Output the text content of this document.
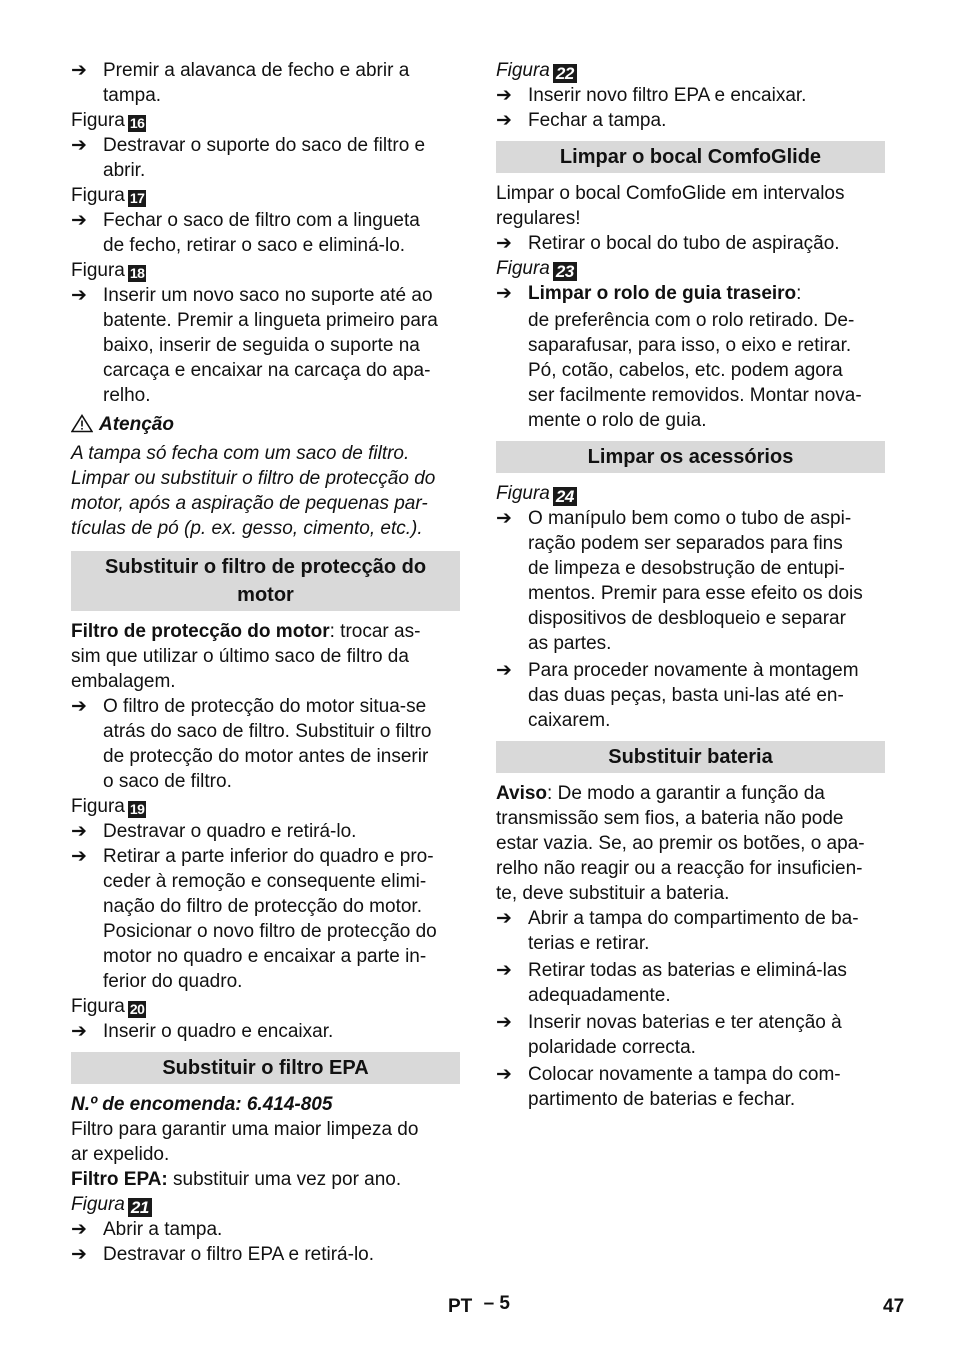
➔ Premir a alavanca de fecho e abrir a
tampa.
Figura 16
➔ Destravar o suporte do saco de filtro e
abrir.
Figura 17
➔ Fechar o saco de filtro com a lingueta
de fecho, retirar o saco e eliminá-lo.
Figura 18
➔ Inserir um novo saco no suporte até ao
batente. Premir a lingueta primeiro para
baixo, inserir de seguida o suporte na
carcaça e encaixar na carcaça do apa-
relho.
Atenção
A tampa só fecha com um saco de filtro.
Limpar ou substituir o filtro de protecção do
motor, após a aspiração de pequenas par-
tículas de pó (p. ex. gesso, cimento, etc.).
Substituir o filtro de protecção do
motor
Filtro de protecção do motor: trocar as-
sim que utilizar o último saco de filtro da
embalagem.
➔ O filtro de protecção do motor situa-se
atrás do saco de filtro. Substituir o filtro
de protecção do motor antes de inserir
o saco de filtro.
Figura 19
➔ Destravar o quadro e retirá-lo.
➔ Retirar a parte inferior do quadro e pro-
ceder à remoção e consequente elimi-
nação do filtro de protecção do motor.
Posicionar o novo filtro de protecção do
motor no quadro e encaixar a parte in-
ferior do quadro.
Figura 20
➔ Inserir o quadro e encaixar.
Substituir o filtro EPA
N.º de encomenda: 6.414-805
Filtro para garantir uma maior limpeza do
ar expelido.
Filtro EPA: substituir uma vez por ano.
Figura 21
➔ Abrir a tampa.
➔ Destravar o filtro EPA e retirá-lo.
Figura 22
➔ Inserir novo filtro EPA e encaixar.
➔ Fechar a tampa.
Limpar o bocal ComfoGlide
Limpar o bocal ComfoGlide em intervalos
regulares!
➔ Retirar o bocal do tubo de aspiração.
Figura 23
➔ Limpar o rolo de guia traseiro:
de preferência com o rolo retirado. De-
saparafusar, para isso, o eixo e retirar.
Pó, cotão, cabelos, etc. podem agora
ser facilmente removidos. Montar nova-
mente o rolo de guia.
Limpar os acessórios
Figura 24
➔ O manípulo bem como o tubo de aspi-
ração podem ser separados para fins
de limpeza e desobstrução de entupi-
mentos. Premir para esse efeito os dois
dispositivos de desbloqueio e separar
as partes.
➔ Para proceder novamente à montagem
das duas peças, basta uni-las até en-
caixarem.
Substituir bateria
Aviso: De modo a garantir a função da
transmissão sem fios, a bateria não pode
estar vazia. Se, ao premir os botões, o apa-
relho não reagir ou a reacção for insuficien-
te, deve substituir a bateria.
➔ Abrir a tampa do compartimento de ba-
terias e retirar.
➔ Retirar todas as baterias e eliminá-las
adequadamente.
➔ Inserir novas baterias e ter atenção à
polaridade correcta.
➔ Colocar novamente a tampa do com-
partimento de baterias e fechar.
PT – 5	47
